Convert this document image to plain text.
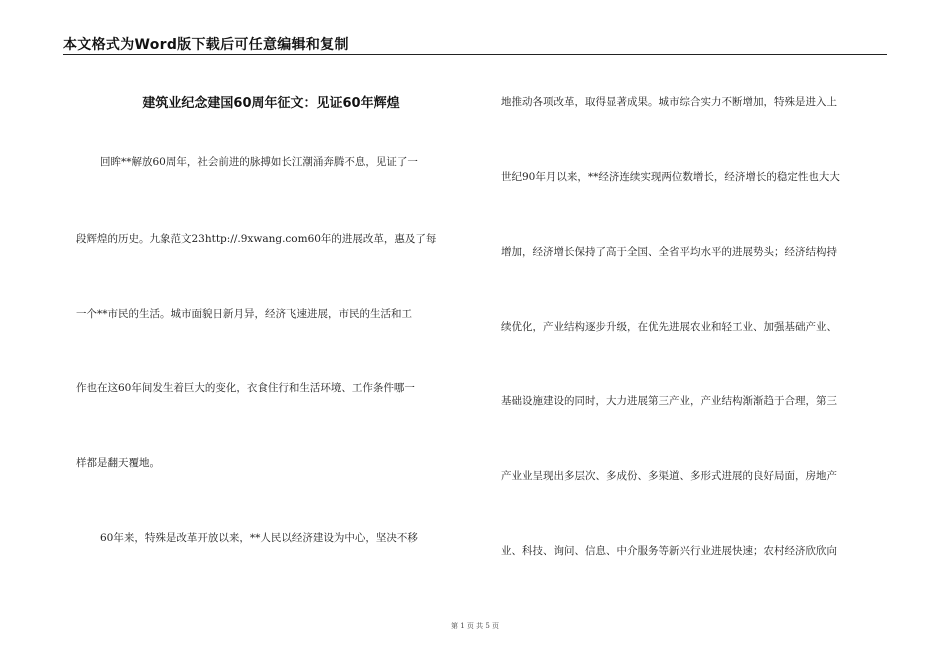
本文格式为Word版下载后可任意编辑和复制
建筑业纪念建国60周年征文：见证60年辉煌
回眸**解放60周年，社会前进的脉搏如长江潮涌奔腾不息，见证了一
段辉煌的历史。九象范文23http://.9xwang.com60年的进展改革，惠及了每
一个**市民的生活。城市面貌日新月异，经济飞速进展，市民的生活和工
作也在这60年间发生着巨大的变化，衣食住行和生活环境、工作条件哪一
样都是翻天覆地。
60年来，特殊是改革开放以来，**人民以经济建设为中心，坚决不移
地推动各项改革，取得显著成果。城市综合实力不断增加，特殊是进入上
世纪90年月以来，**经济连续实现两位数增长，经济增长的稳定性也大大
增加，经济增长保持了高于全国、全省平均水平的进展势头；经济结构持
续优化，产业结构逐步升级，在优先进展农业和轻工业、加强基础产业、
基础设施建设的同时，大力进展第三产业，产业结构渐渐趋于合理，第三
产业业呈现出多层次、多成份、多渠道、多形式进展的良好局面，房地产
业、科技、询问、信息、中介服务等新兴行业进展快速；农村经济欣欣向
第 1 页 共 5 页
